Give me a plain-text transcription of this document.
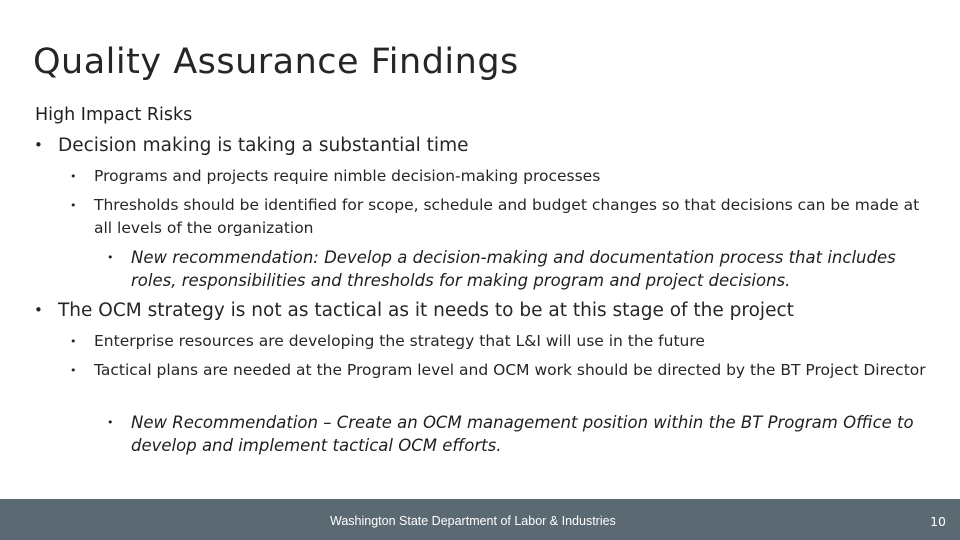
Quality Assurance Findings
High Impact Risks
• Decision making is taking a substantial time
• Programs and projects require nimble decision-making processes
• Thresholds should be identified for scope, schedule and budget changes so that decisions can be made at all levels of the organization
• New recommendation: Develop a decision-making and documentation process that includes roles, responsibilities and thresholds for making program and project decisions.
• The OCM strategy is not as tactical as it needs to be at this stage of the project
• Enterprise resources are developing the strategy that L&I will use in the future
• Tactical plans are needed at the Program level and OCM work should be directed by the BT Project Director
• New Recommendation – Create an OCM management position within the BT Program Office to develop and implement tactical OCM efforts.
Washington State Department of Labor & Industries	10
